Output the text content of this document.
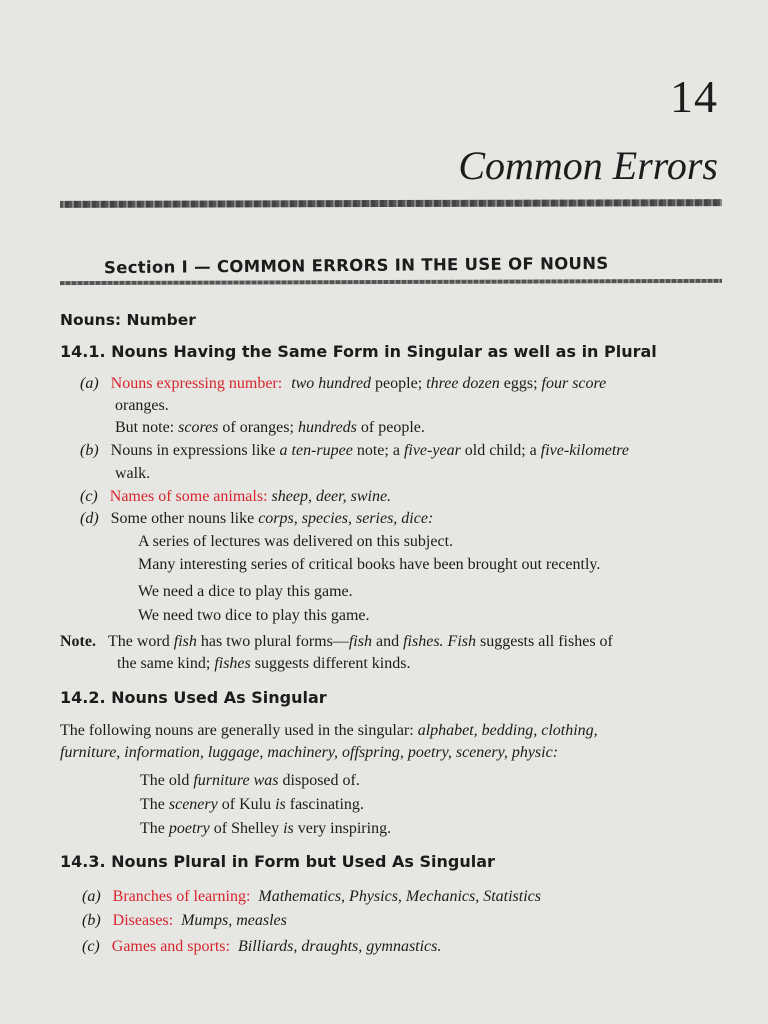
14
Common Errors
Section I — COMMON ERRORS IN THE USE OF NOUNS
Nouns: Number
14.1. Nouns Having the Same Form in Singular as well as in Plural
(a) Nouns expressing number: two hundred people; three dozen eggs; four score
oranges.
But note: scores of oranges; hundreds of people.
(b) Nouns in expressions like a ten-rupee note; a five-year old child; a five-kilometre
walk.
(c) Names of some animals: sheep, deer, swine.
(d) Some other nouns like corps, species, series, dice:
A series of lectures was delivered on this subject.
Many interesting series of critical books have been brought out recently.
We need a dice to play this game.
We need two dice to play this game.
Note. The word fish has two plural forms—fish and fishes. Fish suggests all fishes of
the same kind; fishes suggests different kinds.
14.2. Nouns Used As Singular
The following nouns are generally used in the singular: alphabet, bedding, clothing,
furniture, information, luggage, machinery, offspring, poetry, scenery, physic:
The old furniture was disposed of.
The scenery of Kulu is fascinating.
The poetry of Shelley is very inspiring.
14.3. Nouns Plural in Form but Used As Singular
(a) Branches of learning: Mathematics, Physics, Mechanics, Statistics
(b) Diseases: Mumps, measles
(c) Games and sports: Billiards, draughts, gymnastics.
